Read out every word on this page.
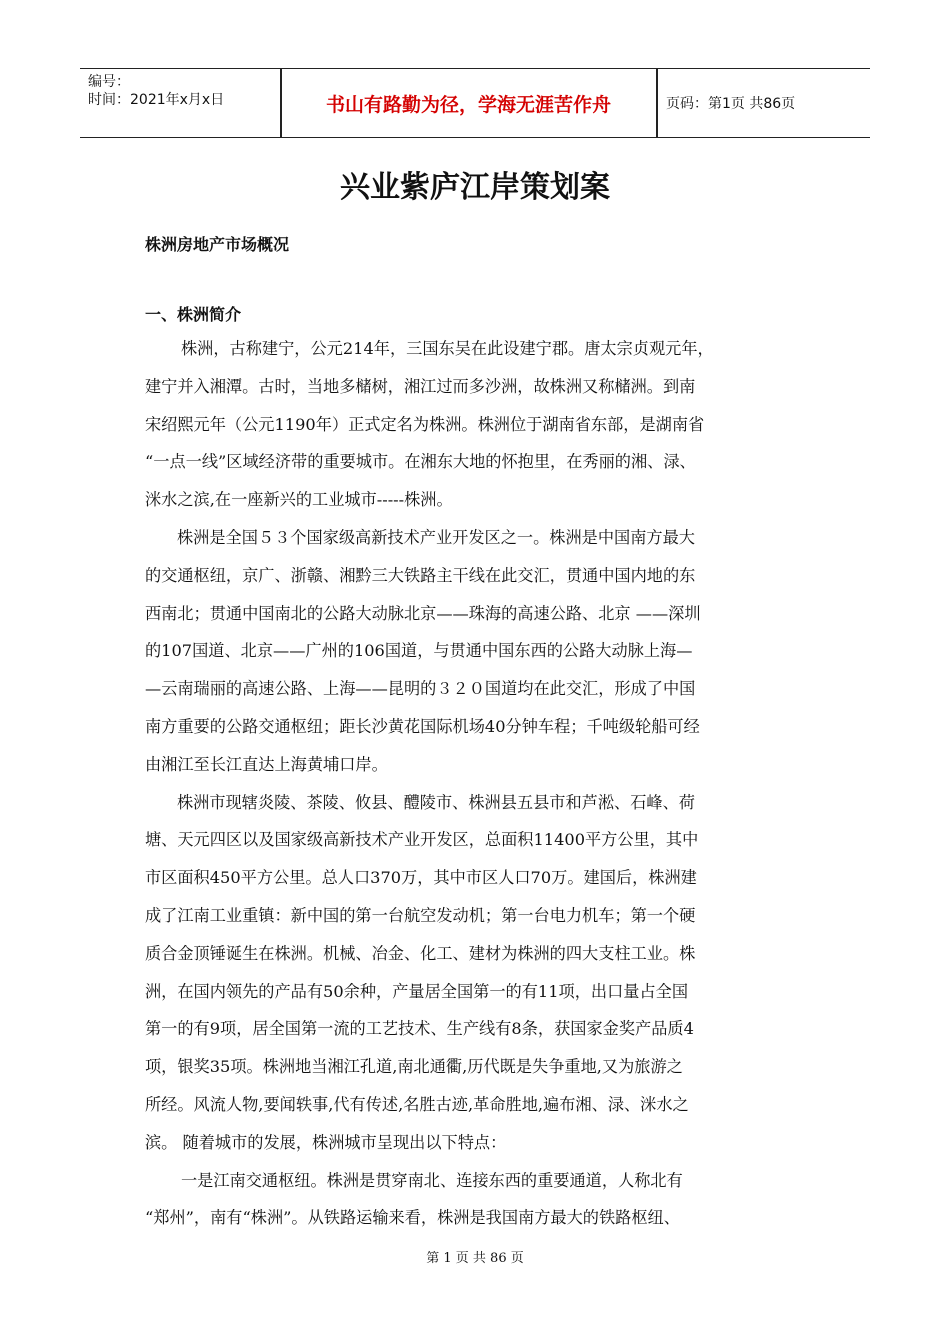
编号：
时间：2021年x月x日	书山有路勤为径，学海无涯苦作舟	页码：第1页 共86页
兴业紫庐江岸策划案
株洲房地产市场概况
一、株洲简介
株洲，古称建宁，公元214年，三国东吴在此设建宁郡。唐太宗贞观元年，
建宁并入湘潭。古时，当地多槠树，湘江过而多沙洲，故株洲又称槠洲。到南
宋绍熙元年（公元1190年）正式定名为株洲。株洲位于湖南省东部，是湖南省
“一点一线”区域经济带的重要城市。在湘东大地的怀抱里，在秀丽的湘、渌、
洣水之滨,在一座新兴的工业城市-----株洲。
株洲是全国５３个国家级高新技术产业开发区之一。株洲是中国南方最大
的交通枢纽，京广、浙赣、湘黔三大铁路主干线在此交汇，贯通中国内地的东
西南北；贯通中国南北的公路大动脉北京——珠海的高速公路、北京 ——深圳
的107国道、北京——广州的106国道，与贯通中国东西的公路大动脉上海—
—云南瑞丽的高速公路、上海——昆明的３２０国道均在此交汇，形成了中国
南方重要的公路交通枢纽；距长沙黄花国际机场40分钟车程；千吨级轮船可经
由湘江至长江直达上海黄埔口岸。
株洲市现辖炎陵、茶陵、攸县、醴陵市、株洲县五县市和芦淞、石峰、荷
塘、天元四区以及国家级高新技术产业开发区，总面积11400平方公里，其中
市区面积450平方公里。总人口370万，其中市区人口70万。建国后，株洲建
成了江南工业重镇：新中国的第一台航空发动机；第一台电力机车；第一个硬
质合金顶锤诞生在株洲。机械、冶金、化工、建材为株洲的四大支柱工业。株
洲，在国内领先的产品有50余种，产量居全国第一的有11项，出口量占全国
第一的有9项，居全国第一流的工艺技术、生产线有8条，获国家金奖产品质4
项，银奖35项。株洲地当湘江孔道,南北通衢,历代既是失争重地,又为旅游之
所经。风流人物,要闻轶事,代有传述,名胜古迹,革命胜地,遍布湘、渌、洣水之
滨。 随着城市的发展，株洲城市呈现出以下特点：
一是江南交通枢纽。株洲是贯穿南北、连接东西的重要通道，人称北有
“郑州”，南有“株洲”。从铁路运输来看，株洲是我国南方最大的铁路枢纽、
第 1 页 共 86 页
